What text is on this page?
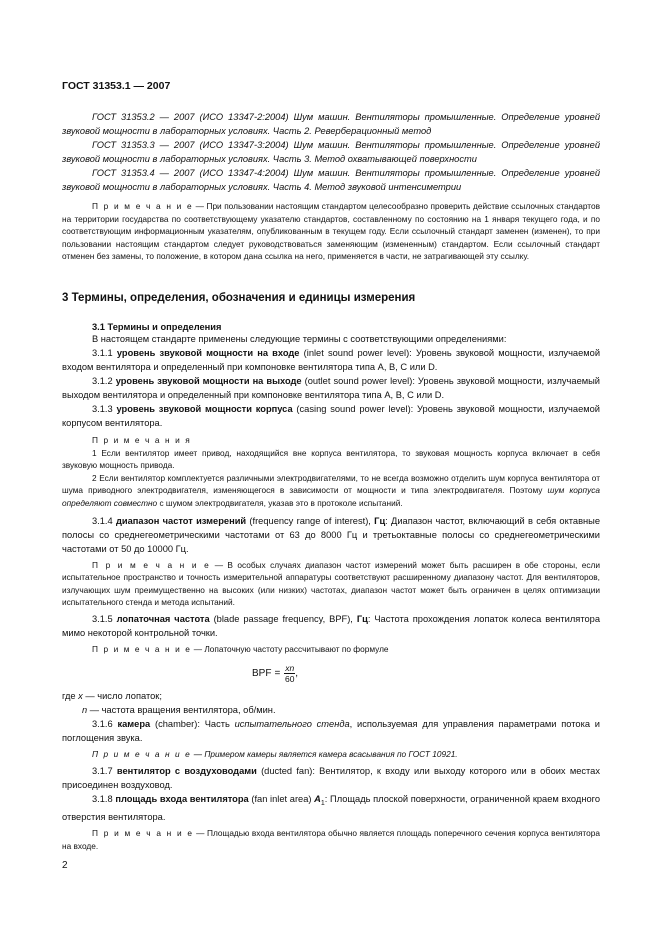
ГОСТ 31353.1 — 2007

ГОСТ 31353.2 — 2007 (ИСО 13347-2:2004) Шум машин. Вентиляторы промышленные. Определение уровней звуковой мощности в лабораторных условиях. Часть 2. Реверберационный метод

ГОСТ 31353.3 — 2007 (ИСО 13347-3:2004) Шум машин. Вентиляторы промышленные. Определение уровней звуковой мощности в лабораторных условиях. Часть 3. Метод охватывающей поверхности

ГОСТ 31353.4 — 2007 (ИСО 13347-4:2004) Шум машин. Вентиляторы промышленные. Определение уровней звуковой мощности в лабораторных условиях. Часть 4. Метод звуковой интенсиметрии

П р и м е ч а н и е — При пользовании настоящим стандартом целесообразно проверить действие ссылочных стандартов на территории государства по соответствующему указателю стандартов, составленному по состоянию на 1 января текущего года, и по соответствующим информационным указателям, опубликованным в текущем году. Если ссылочный стандарт заменен (изменен), то при пользовании настоящим стандартом следует руководствоваться заменяющим (измененным) стандартом. Если ссылочный стандарт отменен без замены, то положение, в котором дана ссылка на него, применяется в части, не затрагивающей эту ссылку.

3 Термины, определения, обозначения и единицы измерения

3.1 Термины и определения

В настоящем стандарте применены следующие термины с соответствующими определениями:

3.1.1 уровень звуковой мощности на входе (inlet sound power level): Уровень звуковой мощности, излучаемой входом вентилятора и определенный при компоновке вентилятора типа А, В, С или D.

3.1.2 уровень звуковой мощности на выходе (outlet sound power level): Уровень звуковой мощности, излучаемый выходом вентилятора и определенный при компоновке вентилятора типа А, В, С или D.

3.1.3 уровень звуковой мощности корпуса (casing sound power level): Уровень звуковой мощности, излучаемой корпусом вентилятора.

П р и м е ч а н и я

1 Если вентилятор имеет привод, находящийся вне корпуса вентилятора, то звуковая мощность корпуса включает в себя звуковую мощность привода.

2 Если вентилятор комплектуется различными электродвигателями, то не всегда возможно отделить шум корпуса вентилятора от шума приводного электродвигателя, изменяющегося в зависимости от мощности и типа электродвигателя. Поэтому шум корпуса определяют совместно с шумом электродвигателя, указав это в протоколе испытаний.

3.1.4 диапазон частот измерений (frequency range of interest), Гц: Диапазон частот, включающий в себя октавные полосы со среднегеометрическими частотами от 63 до 8000 Гц и третьоктавные полосы со среднегеометрическими частотами от 50 до 10000 Гц.

П р и м е ч а н и е — В особых случаях диапазон частот измерений может быть расширен в обе стороны, если испытательное пространство и точность измерительной аппаратуры соответствуют расширенному диапазону частот. Для вентиляторов, излучающих шум преимущественно на высоких (или низких) частотах, диапазон частот может быть ограничен в целях оптимизации испытательного стенда и метода испытаний.

3.1.5 лопаточная частота (blade passage frequency, BPF), Гц: Частота прохождения лопаток колеса вентилятора мимо некоторой контрольной точки.

П р и м е ч а н и е — Лопаточную частоту рассчитывают по формуле

BPF = $\frac{xn}{60}$ ,

где x — число лопаток;

n — частота вращения вентилятора, об/мин.

3.1.6 камера (chamber): Часть испытательного стенда, используемая для управления параметрами потока и поглощения звука.

П р и м е ч а н и е — Примером камеры является камера всасывания по ГОСТ 10921.

3.1.7 вентилятор с воздуховодами (ducted fan): Вентилятор, к входу или выходу которого или в обоих местах присоединен воздуховод.

3.1.8 площадь входа вентилятора (fan inlet area) $A_1$: Площадь плоской поверхности, ограниченной краем входного отверстия вентилятора.

П р и м е ч а н и е — Площадью входа вентилятора обычно является площадь поперечного сечения корпуса вентилятора на входе.

2
